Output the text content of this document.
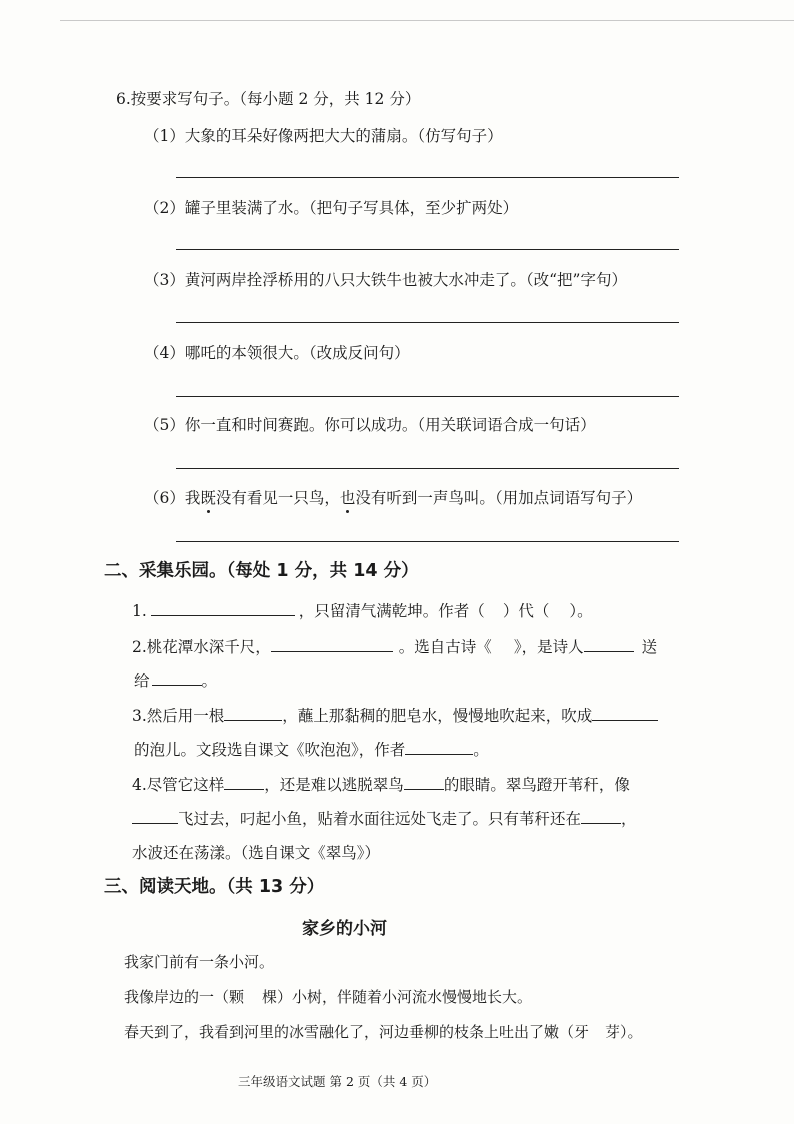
6.按要求写句子。（每小题 2 分，共 12 分）
（1）大象的耳朵好像两把大大的蒲扇。（仿写句子）
（2）罐子里装满了水。（把句子写具体，至少扩两处）
（3）黄河两岸拴浮桥用的八只大铁牛也被大水冲走了。（改“把”字句）
（4）哪吒的本领很大。（改成反问句）
（5）你一直和时间赛跑。你可以成功。（用关联词语合成一句话）
（6）我既没有看见一只鸟，也没有听到一声鸟叫。（用加点词语写句子）
二、采集乐园。（每处 1 分，共 14 分）
1.	，只留清气满乾坤。作者（ ）代（ ）。
2.桃花潭水深千尺，	。选自古诗《 》，是诗人	送
给	。
3.然后用一根	，蘸上那黏稠的肥皂水，慢慢地吹起来，吹成
的泡儿。文段选自课文《吹泡泡》，作者	。
4.尽管它这样	，还是难以逃脱翠鸟	的眼睛。翠鸟蹬开苇秆，像
飞过去，叼起小鱼，贴着水面往远处飞走了。只有苇秆还在	，
水波还在荡漾。（选自课文《翠鸟》）
三、阅读天地。（共 13 分）
家乡的小河
我家门前有一条小河。
我像岸边的一（颗 棵）小树，伴随着小河流水慢慢地长大。
春天到了，我看到河里的冰雪融化了，河边垂柳的枝条上吐出了嫩（牙 芽）。
三年级语文试题 第 2 页（共 4 页）
